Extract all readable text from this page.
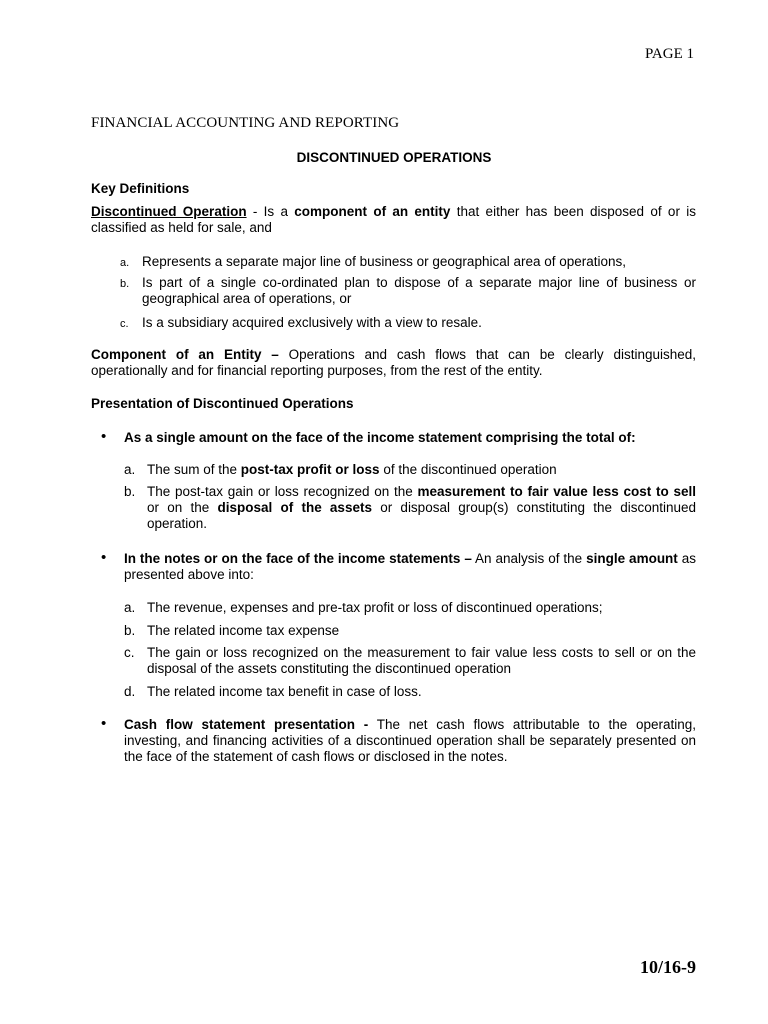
PAGE 1
FINANCIAL ACCOUNTING AND REPORTING
DISCONTINUED OPERATIONS
Key Definitions
Discontinued Operation - Is a component of an entity that either has been disposed of or is classified as held for sale, and
a. Represents a separate major line of business or geographical area of operations,
b. Is part of a single co-ordinated plan to dispose of a separate major line of business or geographical area of operations, or
c. Is a subsidiary acquired exclusively with a view to resale.
Component of an Entity – Operations and cash flows that can be clearly distinguished, operationally and for financial reporting purposes, from the rest of the entity.
Presentation of Discontinued Operations
• As a single amount on the face of the income statement comprising the total of:
a. The sum of the post-tax profit or loss of the discontinued operation
b. The post-tax gain or loss recognized on the measurement to fair value less cost to sell or on the disposal of the assets or disposal group(s) constituting the discontinued operation.
• In the notes or on the face of the income statements – An analysis of the single amount as presented above into:
a. The revenue, expenses and pre-tax profit or loss of discontinued operations;
b. The related income tax expense
c. The gain or loss recognized on the measurement to fair value less costs to sell or on the disposal of the assets constituting the discontinued operation
d. The related income tax benefit in case of loss.
• Cash flow statement presentation - The net cash flows attributable to the operating, investing, and financing activities of a discontinued operation shall be separately presented on the face of the statement of cash flows or disclosed in the notes.
10/16-9
